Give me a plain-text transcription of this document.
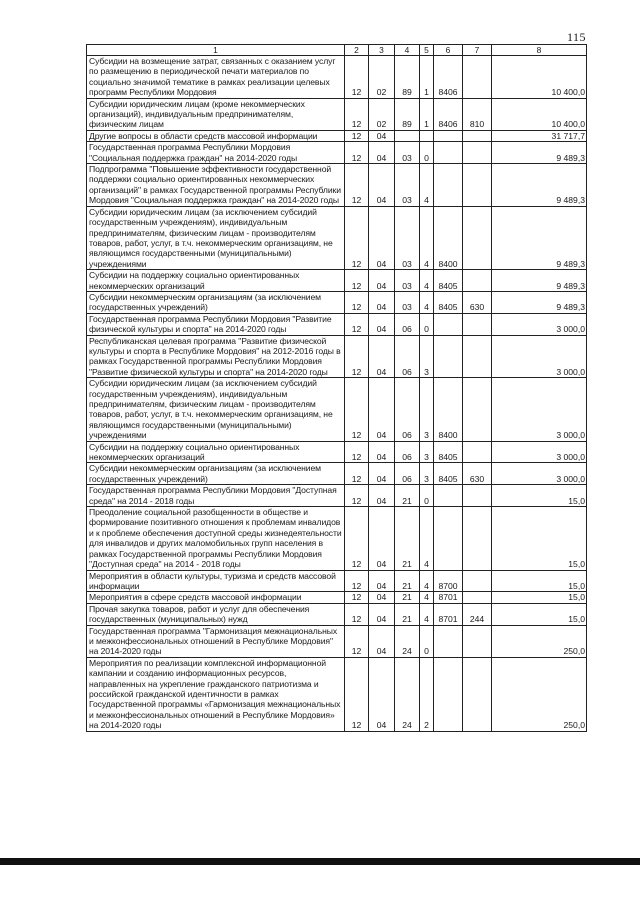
115
1	2	3	4	5	6	7	8
Субсидии на возмещение затрат, связанных с оказанием услуг по размещению в периодической печати материалов по социально значимой тематике в рамках реализации целевых программ Республики Мордовия	12	02	89	1	8406		10 400,0
Субсидии юридическим лицам (кроме некоммерческих организаций), индивидуальным предпринимателям, физическим лицам	12	02	89	1	8406	810	10 400,0
Другие вопросы в области средств массовой информации	12	04					31 717,7
Государственная программа Республики Мордовия "Социальная поддержка граждан" на 2014-2020 годы	12	04	03	0			9 489,3
Подпрограмма "Повышение эффективности государственной поддержки социально ориентированных некоммерческих организаций" в рамках Государственной программы Республики Мордовия "Социальная поддержка граждан" на 2014-2020 годы	12	04	03	4			9 489,3
Субсидии юридическим лицам (за исключением субсидий государственным учреждениям), индивидуальным предпринимателям, физическим лицам - производителям товаров, работ, услуг, в т.ч. некоммерческим организациям, не являющимся государственными (муниципальными) учреждениями	12	04	03	4	8400		9 489,3
Субсидии на поддержку социально ориентированных некоммерческих организаций	12	04	03	4	8405		9 489,3
Субсидии некоммерческим организациям (за исключением государственных учреждений)	12	04	03	4	8405	630	9 489,3
Государственная программа Республики Мордовия "Развитие физической культуры и спорта" на 2014-2020 годы	12	04	06	0			3 000,0
Республиканская целевая программа "Развитие физической культуры и спорта в Республике Мордовия" на 2012-2016 годы в рамках Государственной программы Республики Мордовия "Развитие физической культуры и спорта" на 2014-2020 годы	12	04	06	3			3 000,0
Субсидии юридическим лицам (за исключением субсидий государственным учреждениям), индивидуальным предпринимателям, физическим лицам - производителям товаров, работ, услуг, в т.ч. некоммерческим организациям, не являющимся государственными (муниципальными) учреждениями	12	04	06	3	8400		3 000,0
Субсидии на поддержку социально ориентированных некоммерческих организаций	12	04	06	3	8405		3 000,0
Субсидии некоммерческим организациям (за исключением государственных учреждений)	12	04	06	3	8405	630	3 000,0
Государственная программа Республики Мордовия "Доступная среда" на 2014 - 2018 годы	12	04	21	0			15,0
Преодоление социальной разобщенности в обществе и формирование позитивного отношения к проблемам инвалидов и к проблеме обеспечения доступной среды жизнедеятельности для инвалидов и других маломобильных групп населения в рамках Государственной программы Республики Мордовия "Доступная среда" на 2014 - 2018 годы	12	04	21	4			15,0
Мероприятия в области культуры, туризма и средств массовой информации	12	04	21	4	8700		15,0
Мероприятия в сфере средств массовой информации	12	04	21	4	8701		15,0
Прочая закупка товаров, работ и услуг для обеспечения государственных (муниципальных) нужд	12	04	21	4	8701	244	15,0
Государственная программа "Гармонизация межнациональных и межконфессиональных отношений в Республике Мордовия" на 2014-2020 годы	12	04	24	0			250,0
Мероприятия по реализации комплексной информационной кампании и созданию информационных ресурсов, направленных на укрепление гражданского патриотизма и российской гражданской идентичности в рамках Государственной программы «Гармонизация межнациональных и межконфессиональных отношений в Республике Мордовия» на 2014-2020 годы	12	04	24	2			250,0
